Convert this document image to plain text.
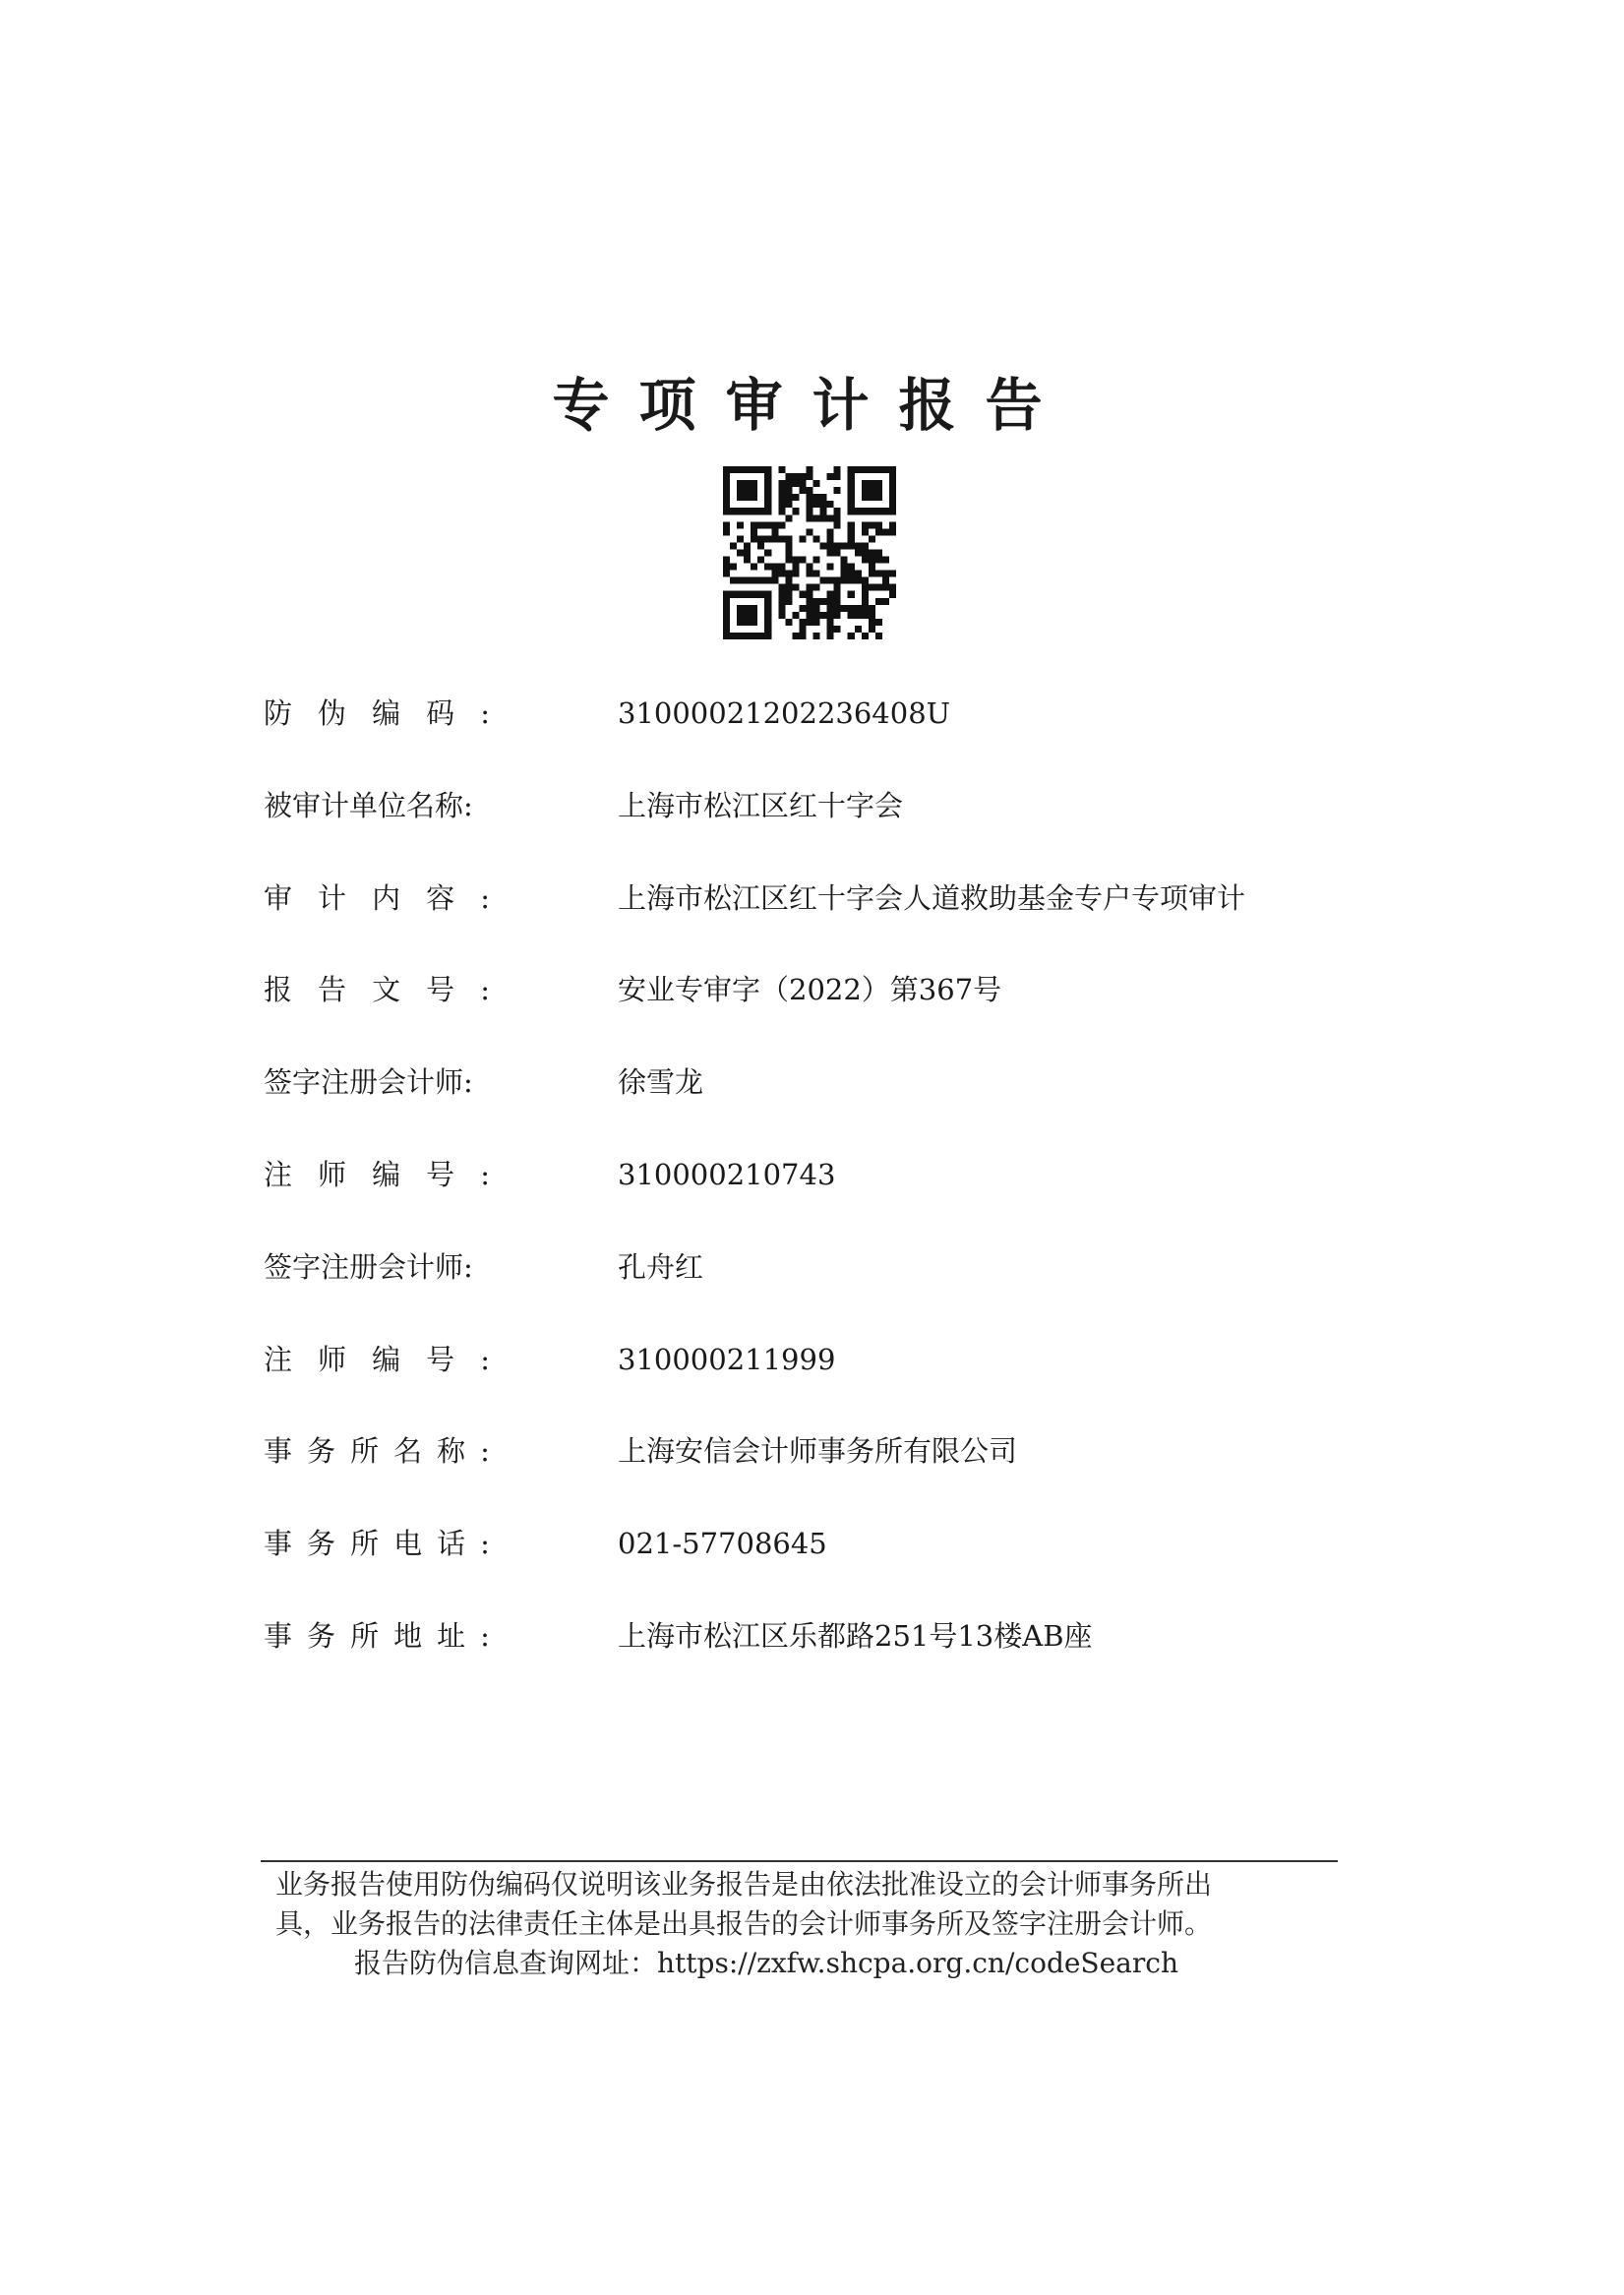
专项审计报告
防 伪 编 码 :	31000021202236408U
被审计单位名称:	上海市松江区红十字会
审 计 内 容 :	上海市松江区红十字会人道救助基金专户专项审计
报 告 文 号 :	安业专审字（2022）第367号
签字注册会计师:	徐雪龙
注 师 编 号 :	310000210743
签字注册会计师:	孔舟红
注 师 编 号 :	310000211999
事 务 所 名 称 :	上海安信会计师事务所有限公司
事 务 所 电 话 :	021-57708645
事 务 所 地 址 :	上海市松江区乐都路251号13楼AB座

业务报告使用防伪编码仅说明该业务报告是由依法批准设立的会计师事务所出

具，业务报告的法律责任主体是出具报告的会计师事务所及签字注册会计师。

报告防伪信息查询网址：https://zxfw.shcpa.org.cn/codeSearch
